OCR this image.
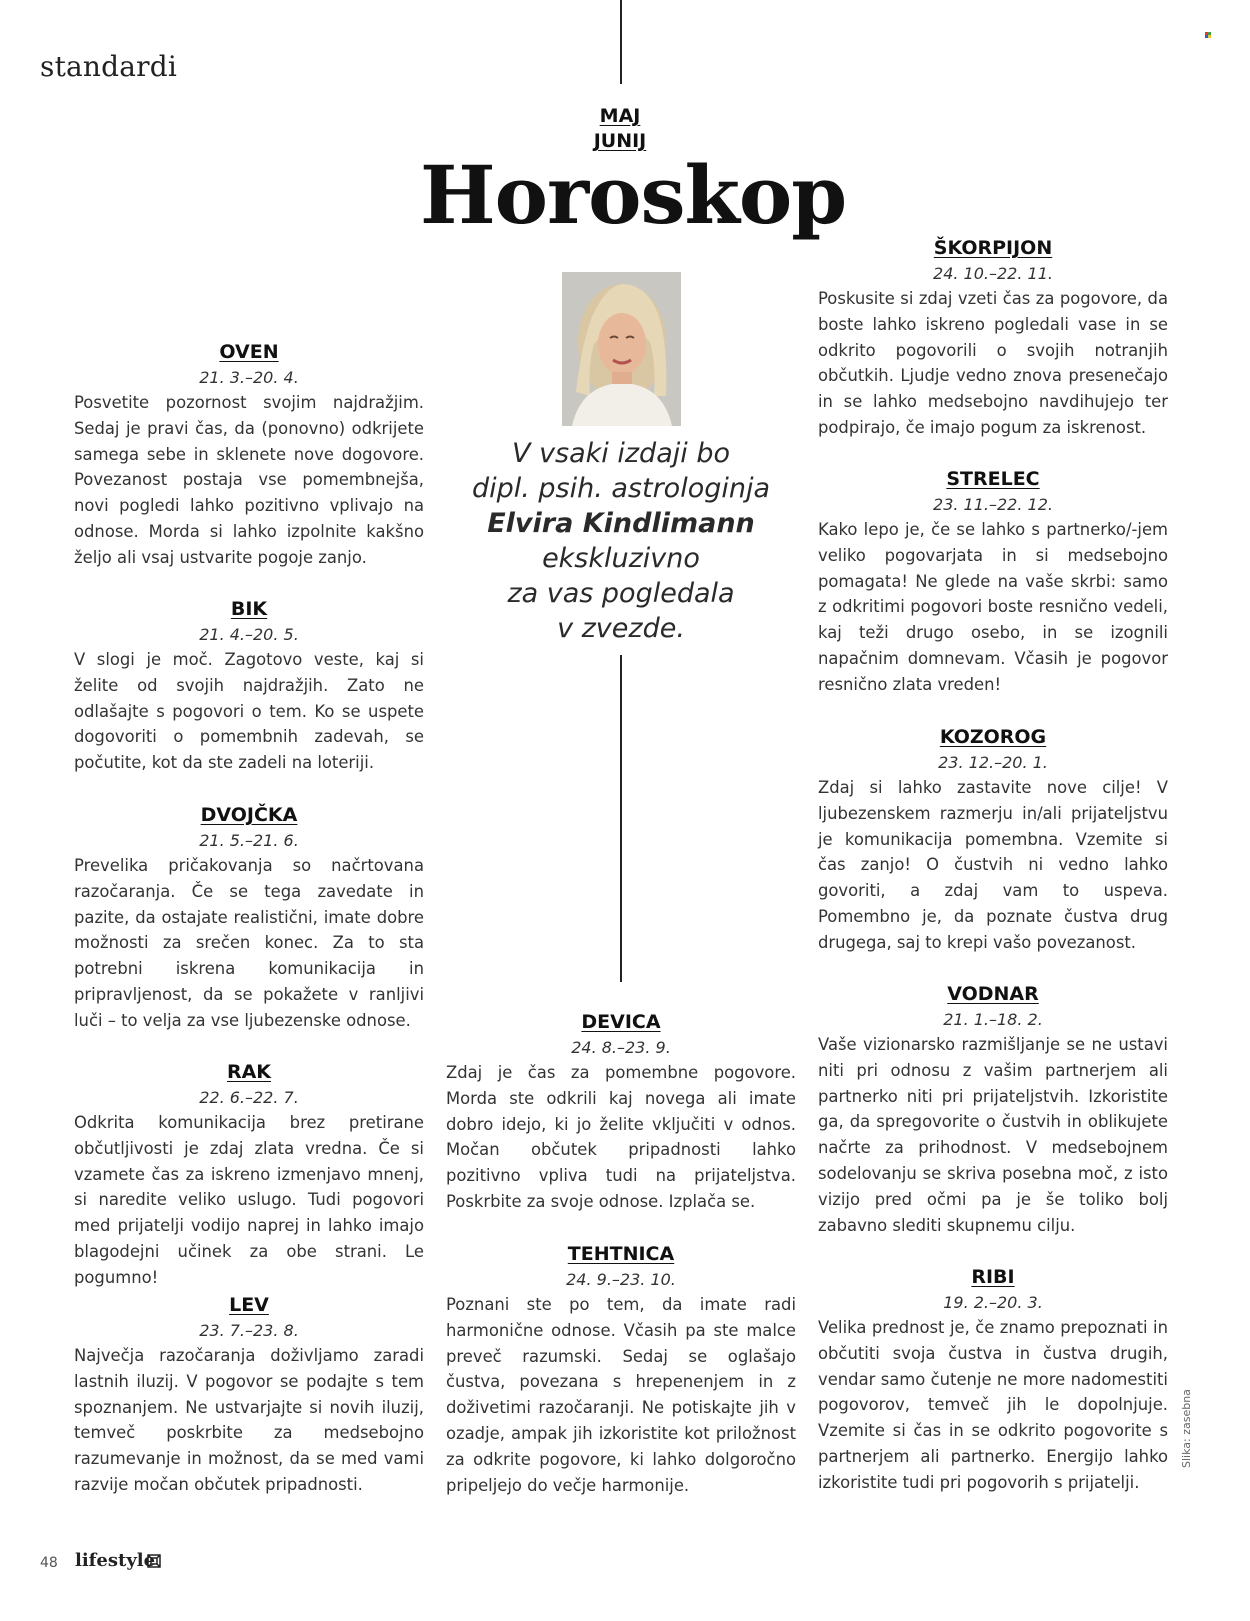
standardi
MAJ
JUNIJ
Horoskop
V vsaki izdaji bo
dipl. psih. astrologinja
Elvira Kindlimann
ekskluzivno
za vas pogledala
v zvezde.
OVEN
21. 3.–20. 4.
Posvetite pozornost svojim najdražjim. Sedaj je pravi čas, da (ponovno) odkrijete samega sebe in sklenete nove dogovore. Povezanost postaja vse pomembnejša, novi pogledi lahko pozitivno vplivajo na odnose. Morda si lahko izpolnite kakšno željo ali vsaj ustvarite pogoje zanjo.
BIK
21. 4.–20. 5.
V slogi je moč. Zagotovo veste, kaj si želite od svojih najdražjih. Zato ne odlašajte s pogovori o tem. Ko se uspete dogovoriti o pomembnih zadevah, se počutite, kot da ste zadeli na loteriji.
DVOJČKA
21. 5.–21. 6.
Prevelika pričakovanja so načrtovana razočaranja. Če se tega zavedate in pazite, da ostajate realistični, imate dobre možnosti za srečen konec. Za to sta potrebni iskrena komunikacija in pripravljenost, da se pokažete v ranljivi luči – to velja za vse ljubezenske odnose.
RAK
22. 6.–22. 7.
Odkrita komunikacija brez pretirane občutljivosti je zdaj zlata vredna. Če si vzamete čas za iskreno izmenjavo mnenj, si naredite veliko uslugo. Tudi pogovori med prijatelji vodijo naprej in lahko imajo blagodejni učinek za obe strani. Le pogumno!
LEV
23. 7.–23. 8.
Največja razočaranja doživljamo zaradi lastnih iluzij. V pogovor se podajte s tem spoznanjem. Ne ustvarjajte si novih iluzij, temveč poskrbite za medsebojno razumevanje in možnost, da se med vami razvije močan občutek pripadnosti.
DEVICA
24. 8.–23. 9.
Zdaj je čas za pomembne pogovore. Morda ste odkrili kaj novega ali imate dobro idejo, ki jo želite vključiti v odnos. Močan občutek pripadnosti lahko pozitivno vpliva tudi na prijateljstva. Poskrbite za svoje odnose. Izplača se.
TEHTNICA
24. 9.–23. 10.
Poznani ste po tem, da imate radi harmonične odnose. Včasih pa ste malce preveč razumski. Sedaj se oglašajo čustva, povezana s hrepenenjem in z doživetimi razočaranji. Ne potiskajte jih v ozadje, ampak jih izkoristite kot priložnost za odkrite pogovore, ki lahko dolgoročno pripeljejo do večje harmonije.
ŠKORPIJON
24. 10.–22. 11.
Poskusite si zdaj vzeti čas za pogovore, da boste lahko iskreno pogledali vase in se odkrito pogovorili o svojih notranjih občutkih. Ljudje vedno znova presenečajo in se lahko medsebojno navdihujejo ter podpirajo, če imajo pogum za iskrenost.
STRELEC
23. 11.–22. 12.
Kako lepo je, če se lahko s partnerko/-jem veliko pogovarjata in si medsebojno pomagata! Ne glede na vaše skrbi: samo z odkritimi pogovori boste resnično vedeli, kaj teži drugo osebo, in se izognili napačnim domnevam. Včasih je pogovor resnično zlata vreden!
KOZOROG
23. 12.–20. 1.
Zdaj si lahko zastavite nove cilje! V ljubezenskem razmerju in/ali prijateljstvu je komunikacija pomembna. Vzemite si čas zanjo! O čustvih ni vedno lahko govoriti, a zdaj vam to uspeva. Pomembno je, da poznate čustva drug drugega, saj to krepi vašo povezanost.
VODNAR
21. 1.–18. 2.
Vaše vizionarsko razmišljanje se ne ustavi niti pri odnosu z vašim partnerjem ali partnerko niti pri prijateljstvih. Izkoristite ga, da spregovorite o čustvih in oblikujete načrte za prihodnost. V medsebojnem sodelovanju se skriva posebna moč, z isto vizijo pred očmi pa je še toliko bolj zabavno slediti skupnemu cilju.
RIBI
19. 2.–20. 3.
Velika prednost je, če znamo prepoznati in občutiti svoja čustva in čustva drugih, vendar samo čutenje ne more nadomestiti pogovorov, temveč jih le dopolnjuje. Vzemite si čas in se odkrito pogovorite s partnerjem ali partnerko. Energijo lahko izkoristite tudi pri pogovorih s prijatelji.
Slika: zasebna
48 lifestyle
